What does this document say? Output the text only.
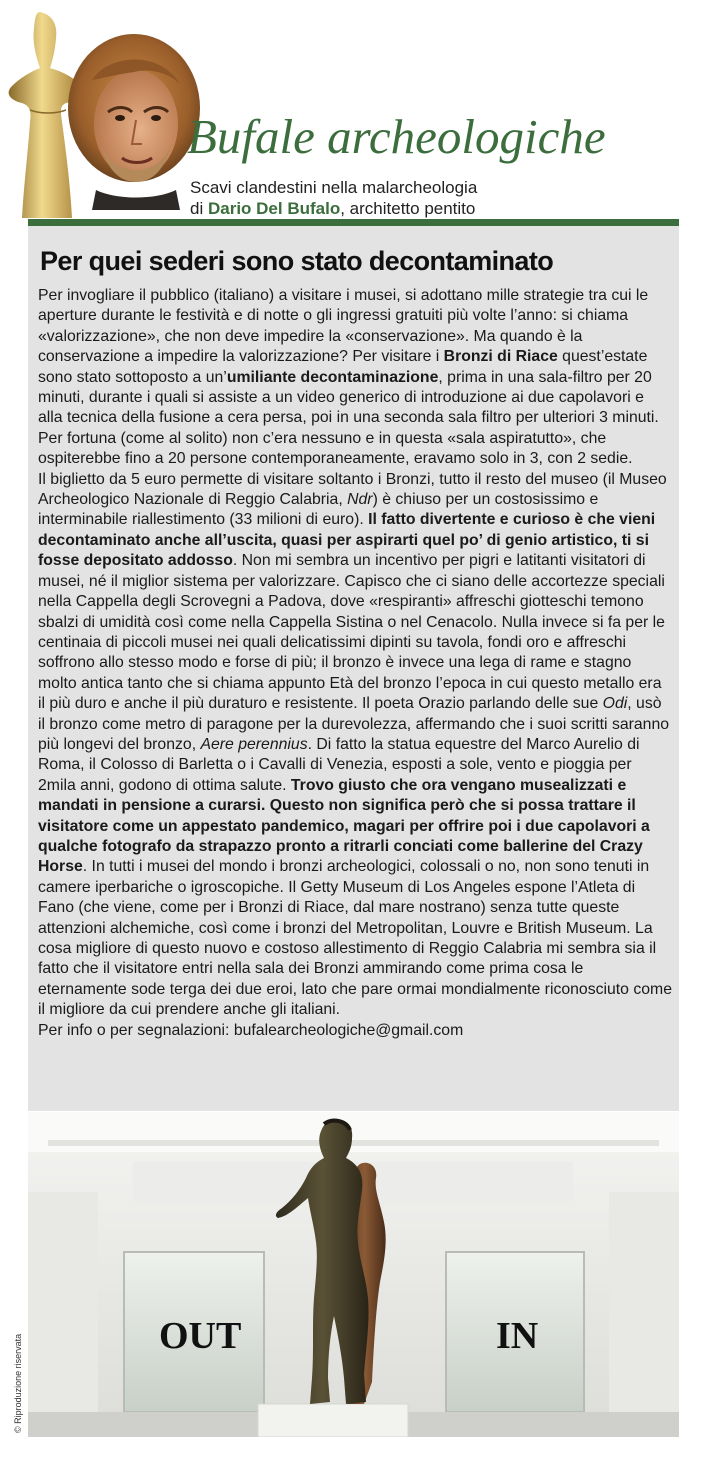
Bufale archeologiche
Scavi clandestini nella malarcheologia
di Dario Del Bufalo, architetto pentito
Per quei sederi sono stato decontaminato

Per invogliare il pubblico (italiano) a visitare i musei, si adottano mille strategie tra cui le aperture durante le festività e di notte o gli ingressi gratuiti più volte l’anno: si chiama «valorizzazione», che non deve impedire la «conservazione». Ma quando è la conservazione a impedire la valorizzazione? Per visitare i Bronzi di Riace quest’estate sono stato sottoposto a un’umiliante decontaminazione, prima in una sala-filtro per 20 minuti, durante i quali si assiste a un video generico di introduzione ai due capolavori e alla tecnica della fusione a cera persa, poi in una seconda sala filtro per ulteriori 3 minuti. Per fortuna (come al solito) non c’era nessuno e in questa «sala aspiratutto», che ospiterebbe fino a 20 persone contemporaneamente, eravamo solo in 3, con 2 sedie.

Il biglietto da 5 euro permette di visitare soltanto i Bronzi, tutto il resto del museo (il Museo Archeologico Nazionale di Reggio Calabria, Ndr) è chiuso per un costosissimo e interminabile riallestimento (33 milioni di euro). Il fatto divertente e curioso è che vieni decontaminato anche all’uscita, quasi per aspirarti quel po’ di genio artistico, ti si fosse depositato addosso. Non mi sembra un incentivo per pigri e latitanti visitatori di musei, né il miglior sistema per valorizzare. Capisco che ci siano delle accortezze speciali nella Cappella degli Scrovegni a Padova, dove «respiranti» affreschi giotteschi temono sbalzi di umidità così come nella Cappella Sistina o nel Cenacolo. Nulla invece si fa per le centinaia di piccoli musei nei quali delicatissimi dipinti su tavola, fondi oro e affreschi soffrono allo stesso modo e forse di più; il bronzo è invece una lega di rame e stagno molto antica tanto che si chiama appunto Età del bronzo l’epoca in cui questo metallo era il più duro e anche il più duraturo e resistente. Il poeta Orazio parlando delle sue Odi, usò il bronzo come metro di paragone per la durevolezza, affermando che i suoi scritti saranno più longevi del bronzo, Aere perennius. Di fatto la statua equestre del Marco Aurelio di Roma, il Colosso di Barletta o i Cavalli di Venezia, esposti a sole, vento e pioggia per 2mila anni, godono di ottima salute. Trovo giusto che ora vengano musealizzati e mandati in pensione a curarsi. Questo non significa però che si possa trattare il visitatore come un appestato pandemico, magari per offrire poi i due capolavori a qualche fotografo da strapazzo pronto a ritrarli conciati come ballerine del Crazy Horse. In tutti i musei del mondo i bronzi archeologici, colossali o no, non sono tenuti in camere iperbariche o igroscopiche. Il Getty Museum di Los Angeles espone l’Atleta di Fano (che viene, come per i Bronzi di Riace, dal mare nostrano) senza tutte queste attenzioni alchemiche, così come i bronzi del Metropolitan, Louvre e British Museum. La cosa migliore di questo nuovo e costoso allestimento di Reggio Calabria mi sembra sia il fatto che il visitatore entri nella sala dei Bronzi ammirando come prima cosa le eternamente sode terga dei due eroi, lato che pare ormai mondialmente riconosciuto come il migliore da cui prendere anche gli italiani.

Per info o per segnalazioni: bufalearcheologiche@gmail.com

OUT	IN
© Riproduzione riservata
